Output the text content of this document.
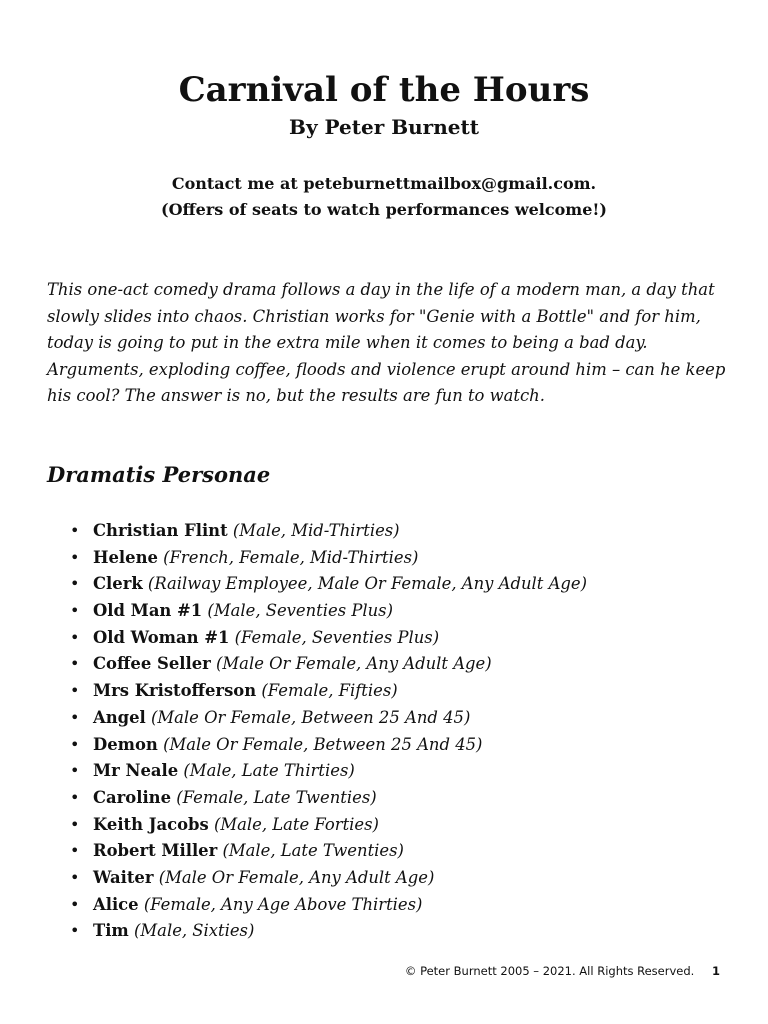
Carnival of the Hours
By Peter Burnett
Contact me at peteburnettmailbox@gmail.com.
(Offers of seats to watch performances welcome!)

This one-act comedy drama follows a day in the life of a modern man, a day that slowly slides into chaos. Christian works for "Genie with a Bottle" and for him, today is going to put in the extra mile when it comes to being a bad day. Arguments, exploding coffee, floods and violence erupt around him – can he keep his cool? The answer is no, but the results are fun to watch.

Dramatis Personae
• Christian Flint (Male, Mid-Thirties)
• Helene (French, Female, Mid-Thirties)
• Clerk (Railway Employee, Male Or Female, Any Adult Age)
• Old Man #1 (Male, Seventies Plus)
• Old Woman #1 (Female, Seventies Plus)
• Coffee Seller (Male Or Female, Any Adult Age)
• Mrs Kristofferson (Female, Fifties)
• Angel (Male Or Female, Between 25 And 45)
• Demon (Male Or Female, Between 25 And 45)
• Mr Neale (Male, Late Thirties)
• Caroline (Female, Late Twenties)
• Keith Jacobs (Male, Late Forties)
• Robert Miller (Male, Late Twenties)
• Waiter (Male Or Female, Any Adult Age)
• Alice (Female, Any Age Above Thirties)
• Tim (Male, Sixties)
© Peter Burnett 2005 – 2021. All Rights Reserved. 1
